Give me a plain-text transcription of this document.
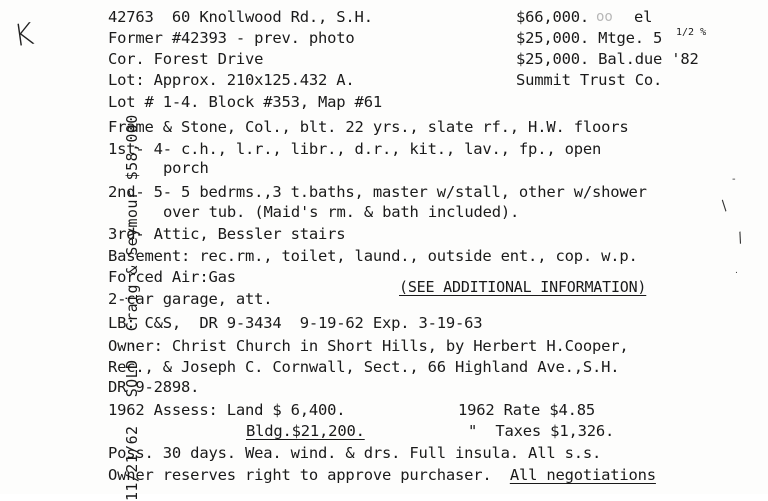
K
11/21/62   SOLD - Craig & Seymour $58,000
42763  60 Knollwood Rd., S.H.	$66,000. oo el
Former #42393 - prev. photo	$25,000. Mtge. 5 1/2 %
Cor. Forest Drive	$25,000. Bal.due '82
Lot: Approx. 210x125.432 A.	Summit Trust Co.
Lot # 1-4. Block #353, Map #61
Frame & Stone, Col., blt. 22 yrs., slate rf., H.W. floors
1st- 4- c.h., l.r., libr., d.r., kit., lav., fp., open
porch
2nd- 5- 5 bedrms.,3 t.baths, master w/stall, other w/shower
over tub. (Maid's rm. & bath included).
3rd- Attic, Bessler stairs
Basement: rec.rm., toilet, laund., outside ent., cop. w.p.
Forced Air:Gas
2-car garage, att.
(SEE ADDITIONAL INFORMATION)
LB: C&S,  DR 9-3434  9-19-62 Exp. 3-19-63
Owner: Christ Church in Short Hills, by Herbert H.Cooper,
Rec., & Joseph C. Cornwall, Sect., 66 Highland Ave.,S.H.
DR 9-2898.
1962 Assess: Land $ 6,400.	1962 Rate $4.85
Bldg.$21,200.	"  Taxes $1,326.
Poss. 30 days. Wea. wind. & drs. Full insula. All s.s.
Owner reserves right to approve purchaser.  All negotiations
-
/
/
.
